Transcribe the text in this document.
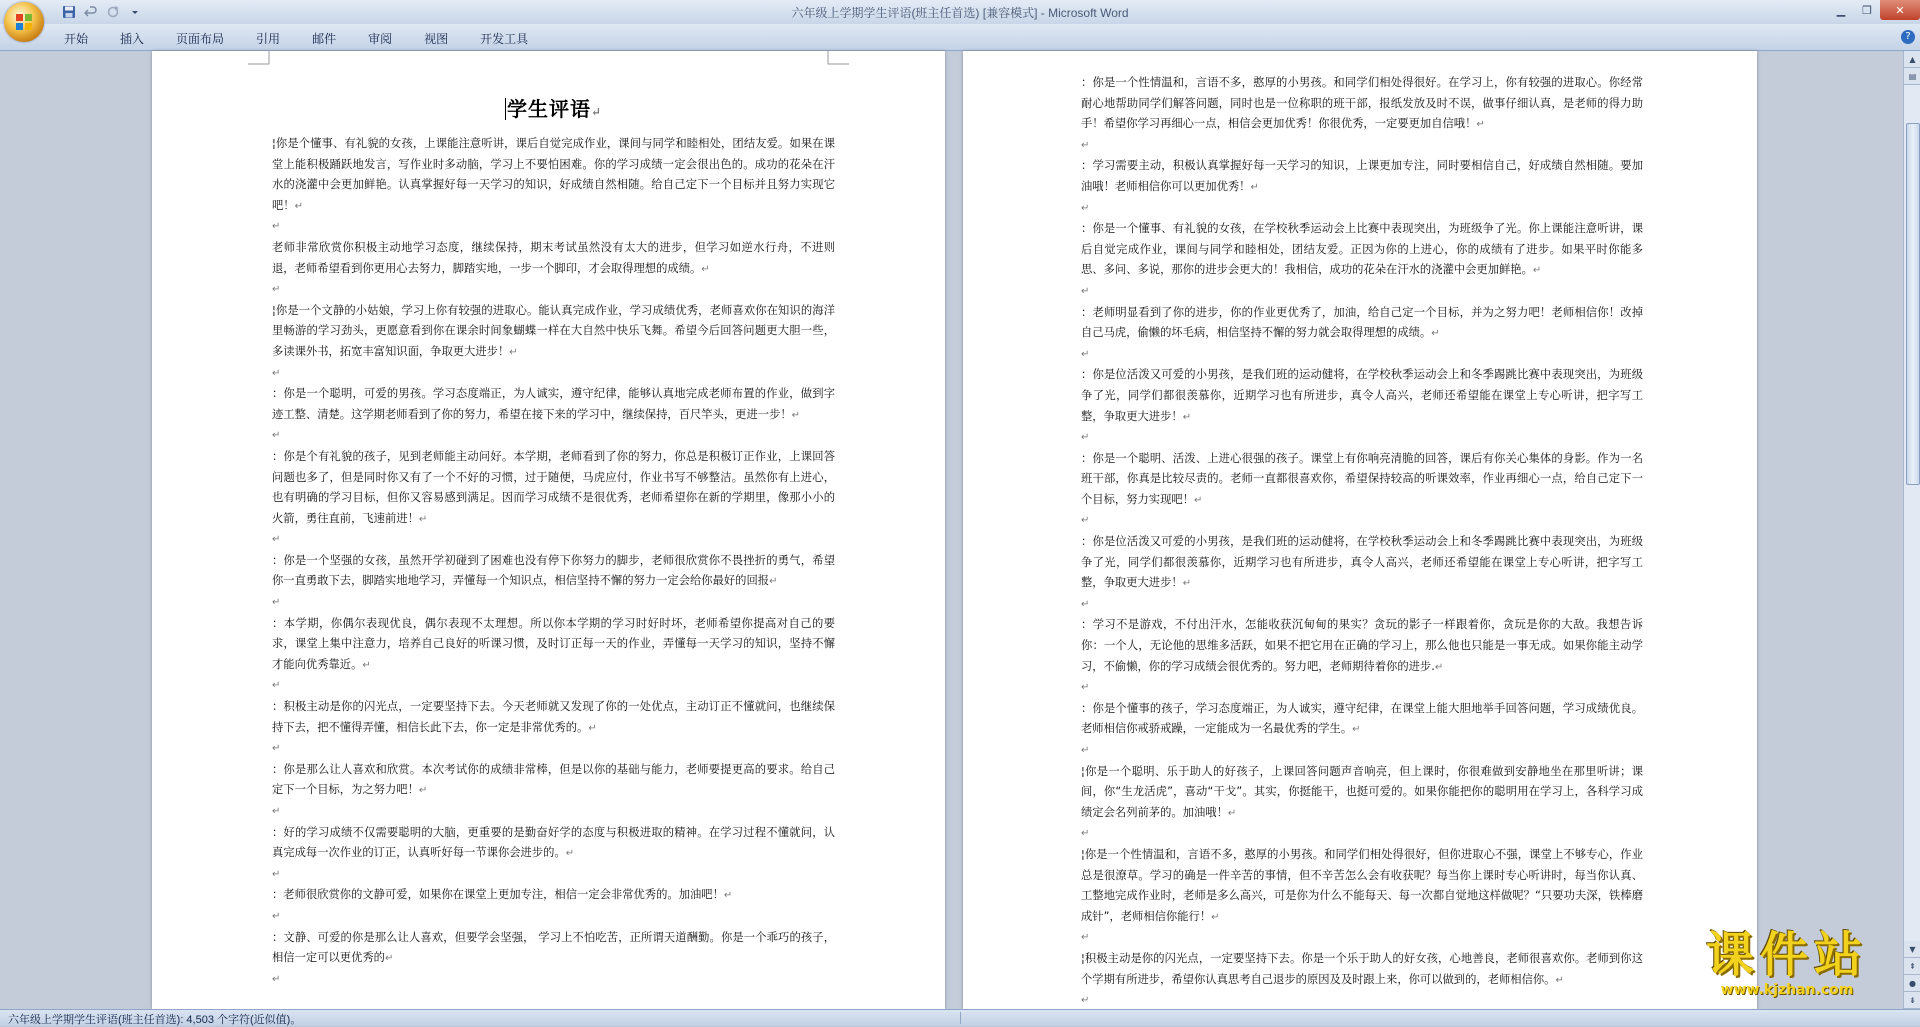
六年级上学期学生评语(班主任首选) [兼容模式] - Microsoft Word	▁	❐	✕
开始	插入	页面布局	引用	邮件	审阅	视图	开发工具	?
学生评语↵

¦你是个懂事、有礼貌的女孩，上课能注意听讲，课后自觉完成作业，课间与同学和睦相处，团结友爱。如果在课堂上能积极踊跃地发言，写作业时多动脑，学习上不要怕困难。你的学习成绩一定会很出色的。成功的花朵在汗水的浇灌中会更加鲜艳。认真掌握好每一天学习的知识，好成绩自然相随。给自己定下一个目标并且努力实现它吧！↵

↵

老师非常欣赏你积极主动地学习态度，继续保持，期末考试虽然没有太大的进步，但学习如逆水行舟，不进则退，老师希望看到你更用心去努力，脚踏实地，一步一个脚印，才会取得理想的成绩。↵

↵

¦你是一个文静的小姑娘，学习上你有较强的进取心。能认真完成作业，学习成绩优秀，老师喜欢你在知识的海洋里畅游的学习劲头，更愿意看到你在课余时间象蝴蝶一样在大自然中快乐飞舞。希望今后回答问题更大胆一些，多读课外书，拓宽丰富知识面，争取更大进步！↵

↵

：你是一个聪明，可爱的男孩。学习态度端正，为人诚实，遵守纪律，能够认真地完成老师布置的作业，做到字迹工整、清楚。这学期老师看到了你的努力，希望在接下来的学习中，继续保持，百尺竿头，更进一步！↵

↵

：你是个有礼貌的孩子，见到老师能主动问好。本学期，老师看到了你的努力，你总是积极订正作业，上课回答问题也多了，但是同时你又有了一个不好的习惯，过于随便，马虎应付，作业书写不够整洁。虽然你有上进心，也有明确的学习目标，但你又容易感到满足。因而学习成绩不是很优秀，老师希望你在新的学期里，像那小小的火箭，勇往直前，飞速前进！↵

↵

：你是一个坚强的女孩，虽然开学初碰到了困难也没有停下你努力的脚步，老师很欣赏你不畏挫折的勇气，希望你一直勇敢下去，脚踏实地地学习，弄懂每一个知识点，相信坚持不懈的努力一定会给你最好的回报↵

↵

：本学期，你偶尔表现优良，偶尔表现不太理想。所以你本学期的学习时好时坏，老师希望你提高对自己的要求，课堂上集中注意力，培养自己良好的听课习惯，及时订正每一天的作业，弄懂每一天学习的知识，坚持不懈才能向优秀靠近。↵

↵

：积极主动是你的闪光点，一定要坚持下去。今天老师就又发现了你的一处优点，主动订正不懂就问，也继续保持下去，把不懂得弄懂，相信长此下去，你一定是非常优秀的。↵

↵

：你是那么让人喜欢和欣赏。本次考试你的成绩非常棒，但是以你的基础与能力，老师要提更高的要求。给自己定下一个目标，为之努力吧！↵

↵

：好的学习成绩不仅需要聪明的大脑，更重要的是勤奋好学的态度与积极进取的精神。在学习过程不懂就问，认真完成每一次作业的订正，认真听好每一节课你会进步的。↵

↵

：老师很欣赏你的文静可爱，如果你在课堂上更加专注，相信一定会非常优秀的。加油吧！↵

↵

：文静、可爱的你是那么让人喜欢，但要学会坚强， 学习上不怕吃苦，正所谓天道酬勤。你是一个乖巧的孩子，相信一定可以更优秀的↵

↵

：你是一个性情温和，言语不多，憨厚的小男孩。和同学们相处得很好。在学习上，你有较强的进取心。你经常耐心地帮助同学们解答问题，同时也是一位称职的班干部，报纸发放及时不误，做事仔细认真，是老师的得力助手！希望你学习再细心一点，相信会更加优秀！你很优秀，一定要更加自信哦！↵

↵

：学习需要主动，积极认真掌握好每一天学习的知识，上课更加专注，同时要相信自己，好成绩自然相随。要加油哦！老师相信你可以更加优秀！↵

↵

：你是一个懂事、有礼貌的女孩，在学校秋季运动会上比赛中表现突出，为班级争了光。你上课能注意听讲，课后自觉完成作业，课间与同学和睦相处，团结友爱。正因为你的上进心，你的成绩有了进步。如果平时你能多思、多问、多说，那你的进步会更大的！我相信，成功的花朵在汗水的浇灌中会更加鲜艳。↵

↵

：老师明显看到了你的进步，你的作业更优秀了，加油，给自己定一个目标，并为之努力吧！老师相信你！改掉自己马虎，偷懒的坏毛病，相信坚持不懈的努力就会取得理想的成绩。↵

↵

：你是位活泼又可爱的小男孩，是我们班的运动健将，在学校秋季运动会上和冬季踢跳比赛中表现突出，为班级争了光，同学们都很羡慕你，近期学习也有所进步，真令人高兴，老师还希望能在课堂上专心听讲，把字写工整，争取更大进步！↵

↵

：你是一个聪明、活泼、上进心很强的孩子。课堂上有你响亮清脆的回答，课后有你关心集体的身影。作为一名班干部，你真是比较尽责的。老师一直都很喜欢你，希望保持较高的听课效率，作业再细心一点，给自己定下一个目标，努力实现吧！↵

↵

：你是位活泼又可爱的小男孩，是我们班的运动健将，在学校秋季运动会上和冬季踢跳比赛中表现突出，为班级争了光，同学们都很羡慕你，近期学习也有所进步，真令人高兴，老师还希望能在课堂上专心听讲，把字写工整，争取更大进步！↵

↵

：学习不是游戏，不付出汗水，怎能收获沉甸甸的果实？贪玩的影子一样跟着你，贪玩是你的大敌。我想告诉你：一个人，无论他的思维多活跃，如果不把它用在正确的学习上，那么他也只能是一事无成。如果你能主动学习，不偷懒，你的学习成绩会很优秀的。努力吧，老师期待着你的进步.↵

↵

：你是个懂事的孩子，学习态度端正，为人诚实，遵守纪律，在课堂上能大胆地举手回答问题，学习成绩优良。老师相信你戒骄戒躁，一定能成为一名最优秀的学生。↵

↵

¦你是一个聪明、乐于助人的好孩子，上课回答问题声音响亮，但上课时，你很难做到安静地坐在那里听讲；课间，你“生龙活虎”，喜动“干戈”。其实，你挺能干，也挺可爱的。如果你能把你的聪明用在学习上，各科学习成绩定会名列前茅的。加油哦！↵

↵

¦你是一个性情温和，言语不多，憨厚的小男孩。和同学们相处得很好，但你进取心不强，课堂上不够专心，作业总是很潦草。学习的确是一件辛苦的事情，但不辛苦怎么会有收获呢？每当你上课时专心听讲时，每当你认真、工整地完成作业时，老师是多么高兴，可是你为什么不能每天、每一次都自觉地这样做呢？“只要功夫深，铁棒磨成针”，老师相信你能行！↵

↵

¦积极主动是你的闪光点，一定要坚持下去。你是一个乐于助人的好女孩，心地善良，老师很喜欢你。老师到你这个学期有所进步，希望你认真思考自己退步的原因及及时跟上来，你可以做到的，老师相信你。↵

↵
▲
▤
▼
⇞
●
⇟
六年级上学期学生评语(班主任首选): 4,503 个字符(近似值)。
课件站
www.kjzhan.com
